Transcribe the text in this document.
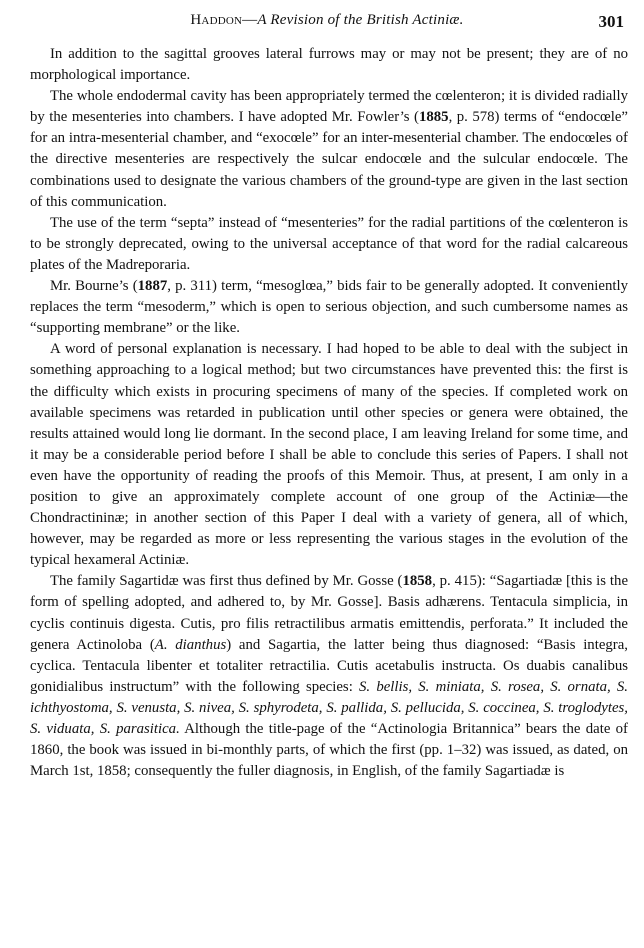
Haddon—A Revision of the British Actiniæ.	301

In addition to the sagittal grooves lateral furrows may or may not be present; they are of no morphological importance.

The whole endodermal cavity has been appropriately termed the cœlenteron; it is divided radially by the mesenteries into chambers. I have adopted Mr. Fowler’s (1885, p. 578) terms of “endocœle” for an intra-mesenterial chamber, and “exocœle” for an inter-mesenterial chamber. The endocœles of the directive mesenteries are respectively the sulcar endocœle and the sulcular endocœle. The combinations used to designate the various chambers of the ground-type are given in the last section of this communication.

The use of the term “septa” instead of “mesenteries” for the radial partitions of the cœlenteron is to be strongly deprecated, owing to the universal acceptance of that word for the radial calcareous plates of the Madreporaria.

Mr. Bourne’s (1887, p. 311) term, “mesoglœa,” bids fair to be generally adopted. It conveniently replaces the term “mesoderm,” which is open to serious objection, and such cumbersome names as “supporting membrane” or the like.

A word of personal explanation is necessary. I had hoped to be able to deal with the subject in something approaching to a logical method; but two circumstances have prevented this: the first is the difficulty which exists in procuring specimens of many of the species. If completed work on available specimens was retarded in publication until other species or genera were obtained, the results attained would long lie dormant. In the second place, I am leaving Ireland for some time, and it may be a considerable period before I shall be able to conclude this series of Papers. I shall not even have the opportunity of reading the proofs of this Memoir. Thus, at present, I am only in a position to give an approximately complete account of one group of the Actiniæ—the Chondractininæ; in another section of this Paper I deal with a variety of genera, all of which, however, may be regarded as more or less representing the various stages in the evolution of the typical hexameral Actiniæ.

The family Sagartidæ was first thus defined by Mr. Gosse (1858, p. 415): “Sagartiadæ [this is the form of spelling adopted, and adhered to, by Mr. Gosse]. Basis adhærens. Tentacula simplicia, in cyclis continuis digesta. Cutis, pro filis retractilibus armatis emittendis, perforata.” It included the genera Actinoloba (A. dianthus) and Sagartia, the latter being thus diagnosed: “Basis integra, cyclica. Tentacula libenter et totaliter retractilia. Cutis acetabulis instructa. Os duabis canalibus gonidialibus instructum” with the following species: S. bellis, S. miniata, S. rosea, S. ornata, S. ichthyostoma, S. venusta, S. nivea, S. sphyrodeta, S. pallida, S. pellucida, S. coccinea, S. troglodytes, S. viduata, S. parasitica. Although the title-page of the “Actinologia Britannica” bears the date of 1860, the book was issued in bi-monthly parts, of which the first (pp. 1–32) was issued, as dated, on March 1st, 1858; consequently the fuller diagnosis, in English, of the family Sagartiadæ is
